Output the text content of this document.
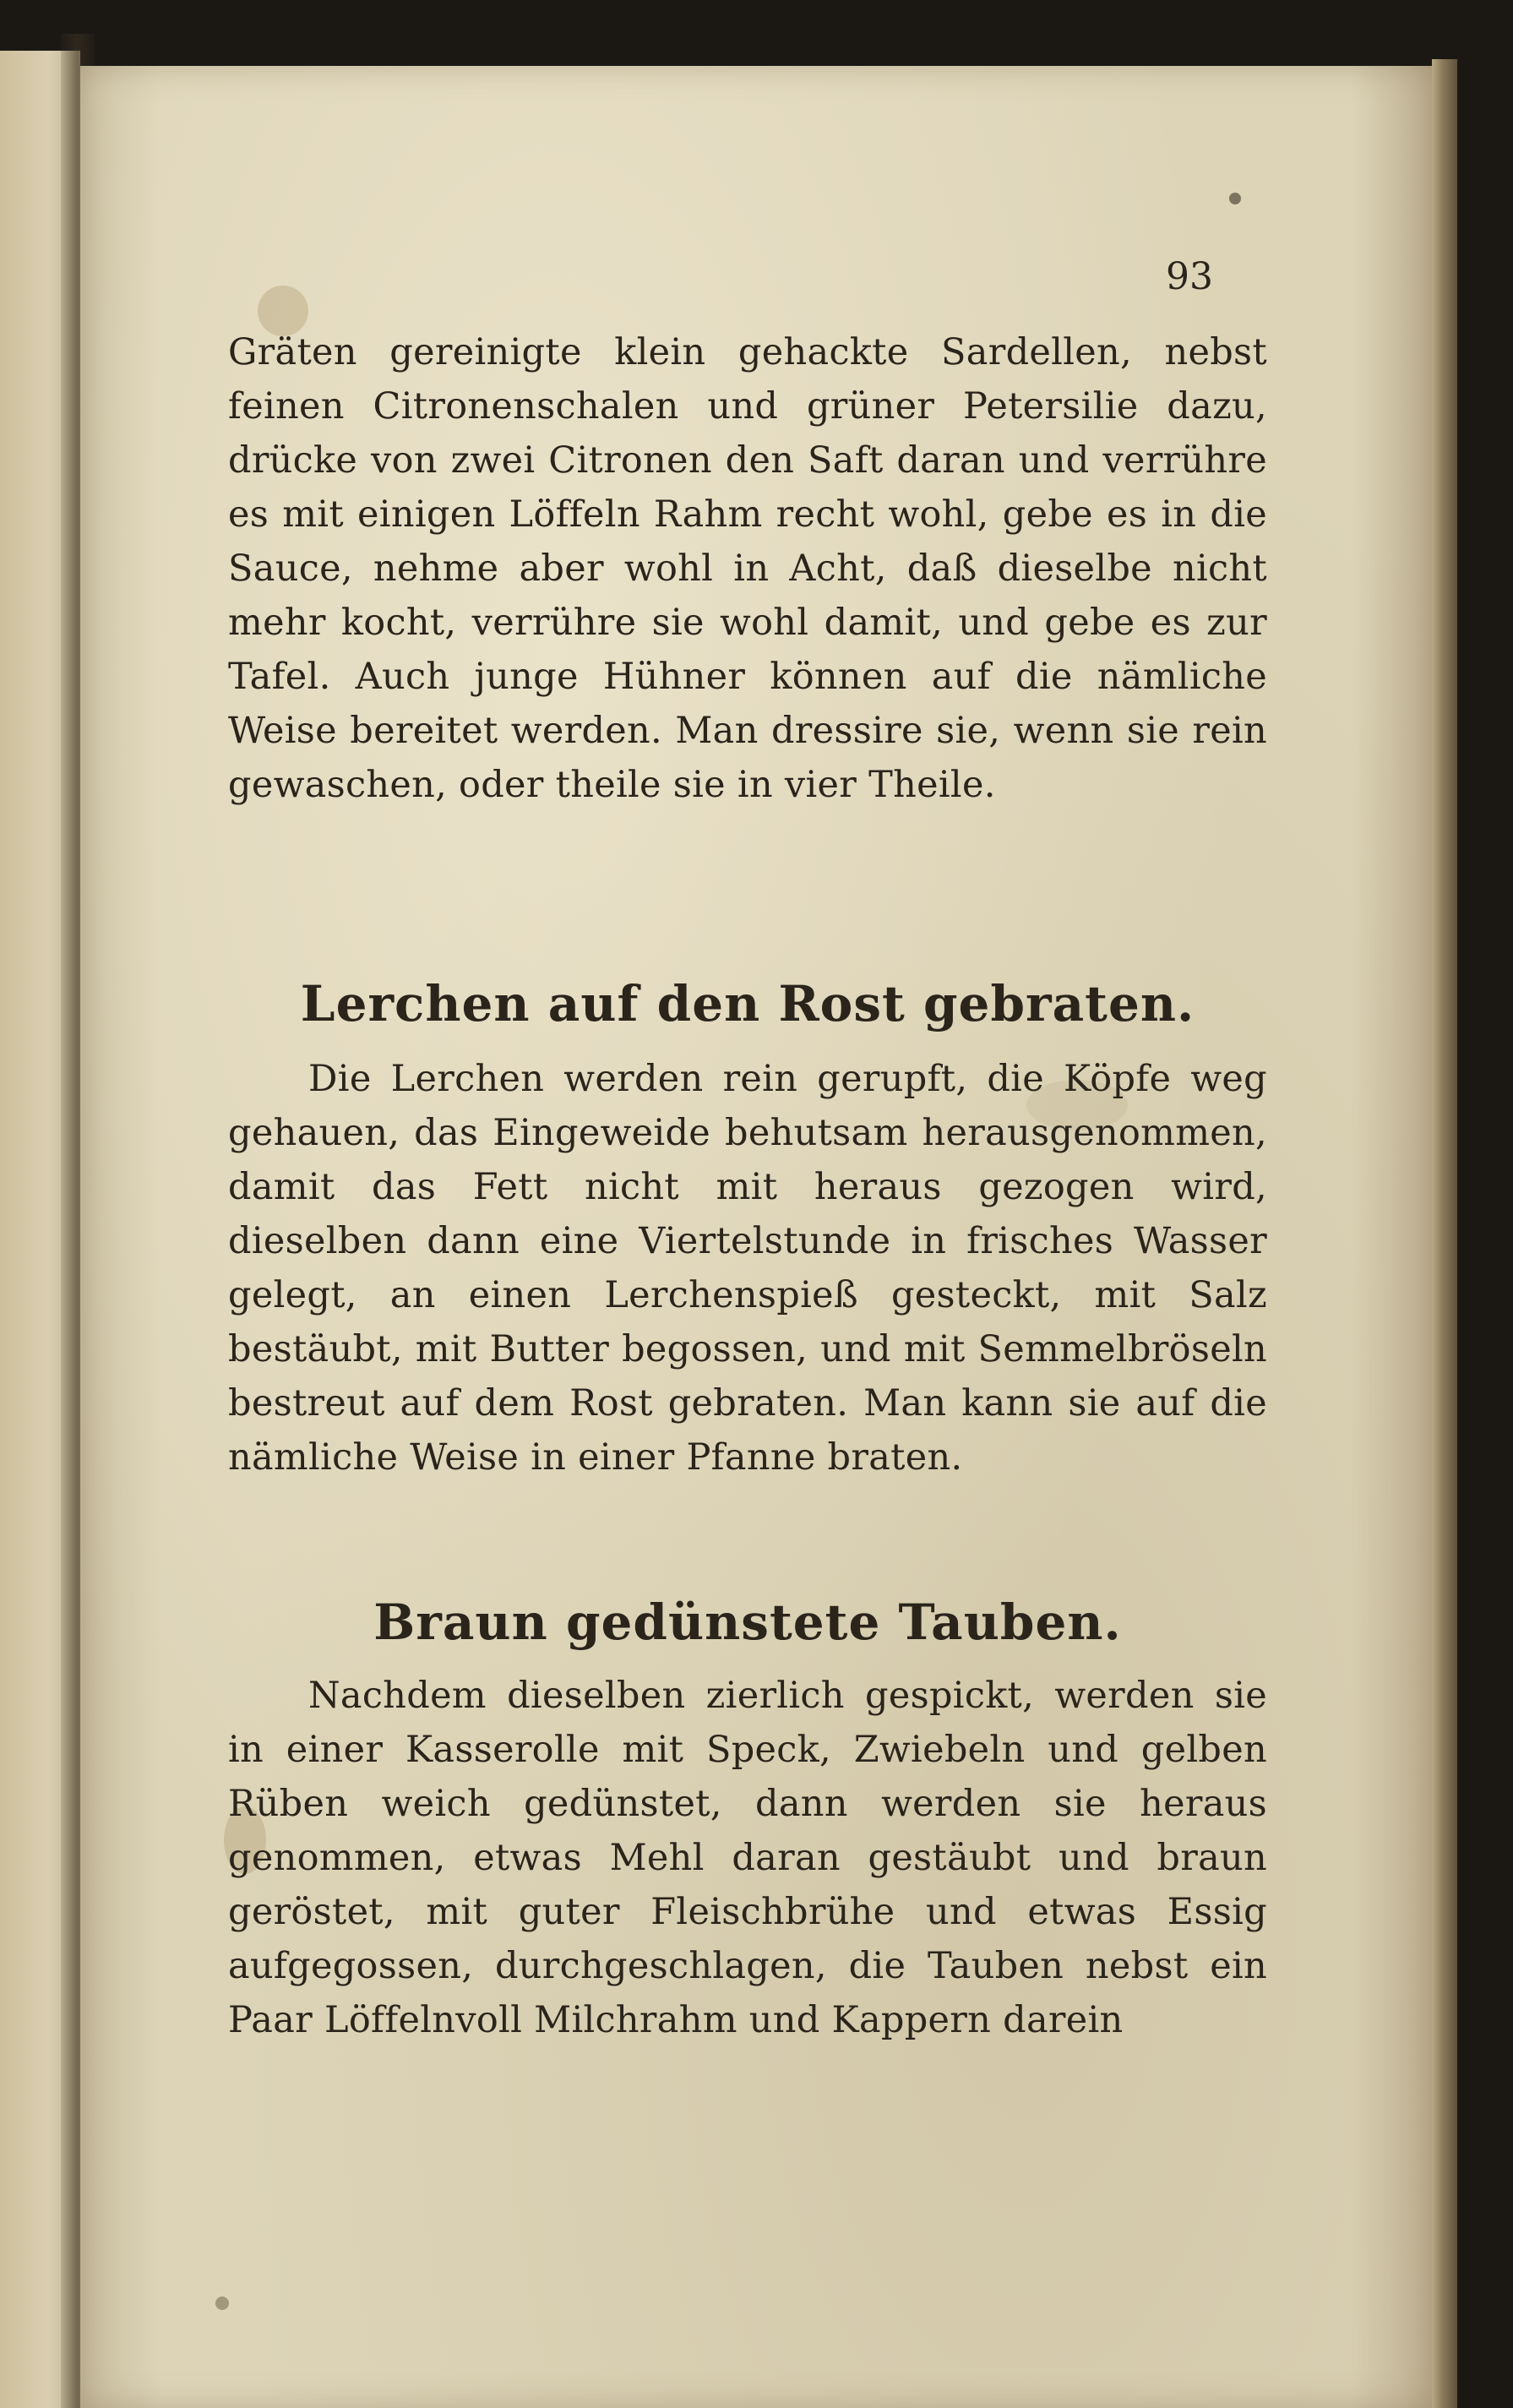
93

Gräten gereinigte klein gehackte Sardellen, nebst feinen Citronenschalen und grüner Petersilie dazu, drücke von zwei Citronen den Saft daran und verrühre es mit einigen Löffeln Rahm recht wohl, gebe es in die Sauce, nehme aber wohl in Acht, daß dieselbe nicht mehr kocht, verrühre sie wohl damit, und gebe es zur Tafel. Auch junge Hühner können auf die nämliche Weise bereitet werden. Man dressire sie, wenn sie rein gewaschen, oder theile sie in vier Theile.

Lerchen auf den Rost gebraten.

Die Lerchen werden rein gerupft, die Köpfe weg gehauen, das Eingeweide behutsam herausgenommen, damit das Fett nicht mit heraus gezogen wird, dieselben dann eine Viertelstunde in frisches Wasser gelegt, an einen Lerchenspieß gesteckt, mit Salz bestäubt, mit Butter begossen, und mit Semmelbröseln bestreut auf dem Rost gebraten. Man kann sie auf die nämliche Weise in einer Pfanne braten.

Braun gedünstete Tauben.

Nachdem dieselben zierlich gespickt, werden sie in einer Kasserolle mit Speck, Zwiebeln und gelben Rüben weich gedünstet, dann werden sie heraus genommen, etwas Mehl daran gestäubt und braun geröstet, mit guter Fleischbrühe und etwas Essig aufgegossen, durchgeschlagen, die Tauben nebst ein Paar Löffelnvoll Milchrahm und Kappern darein
